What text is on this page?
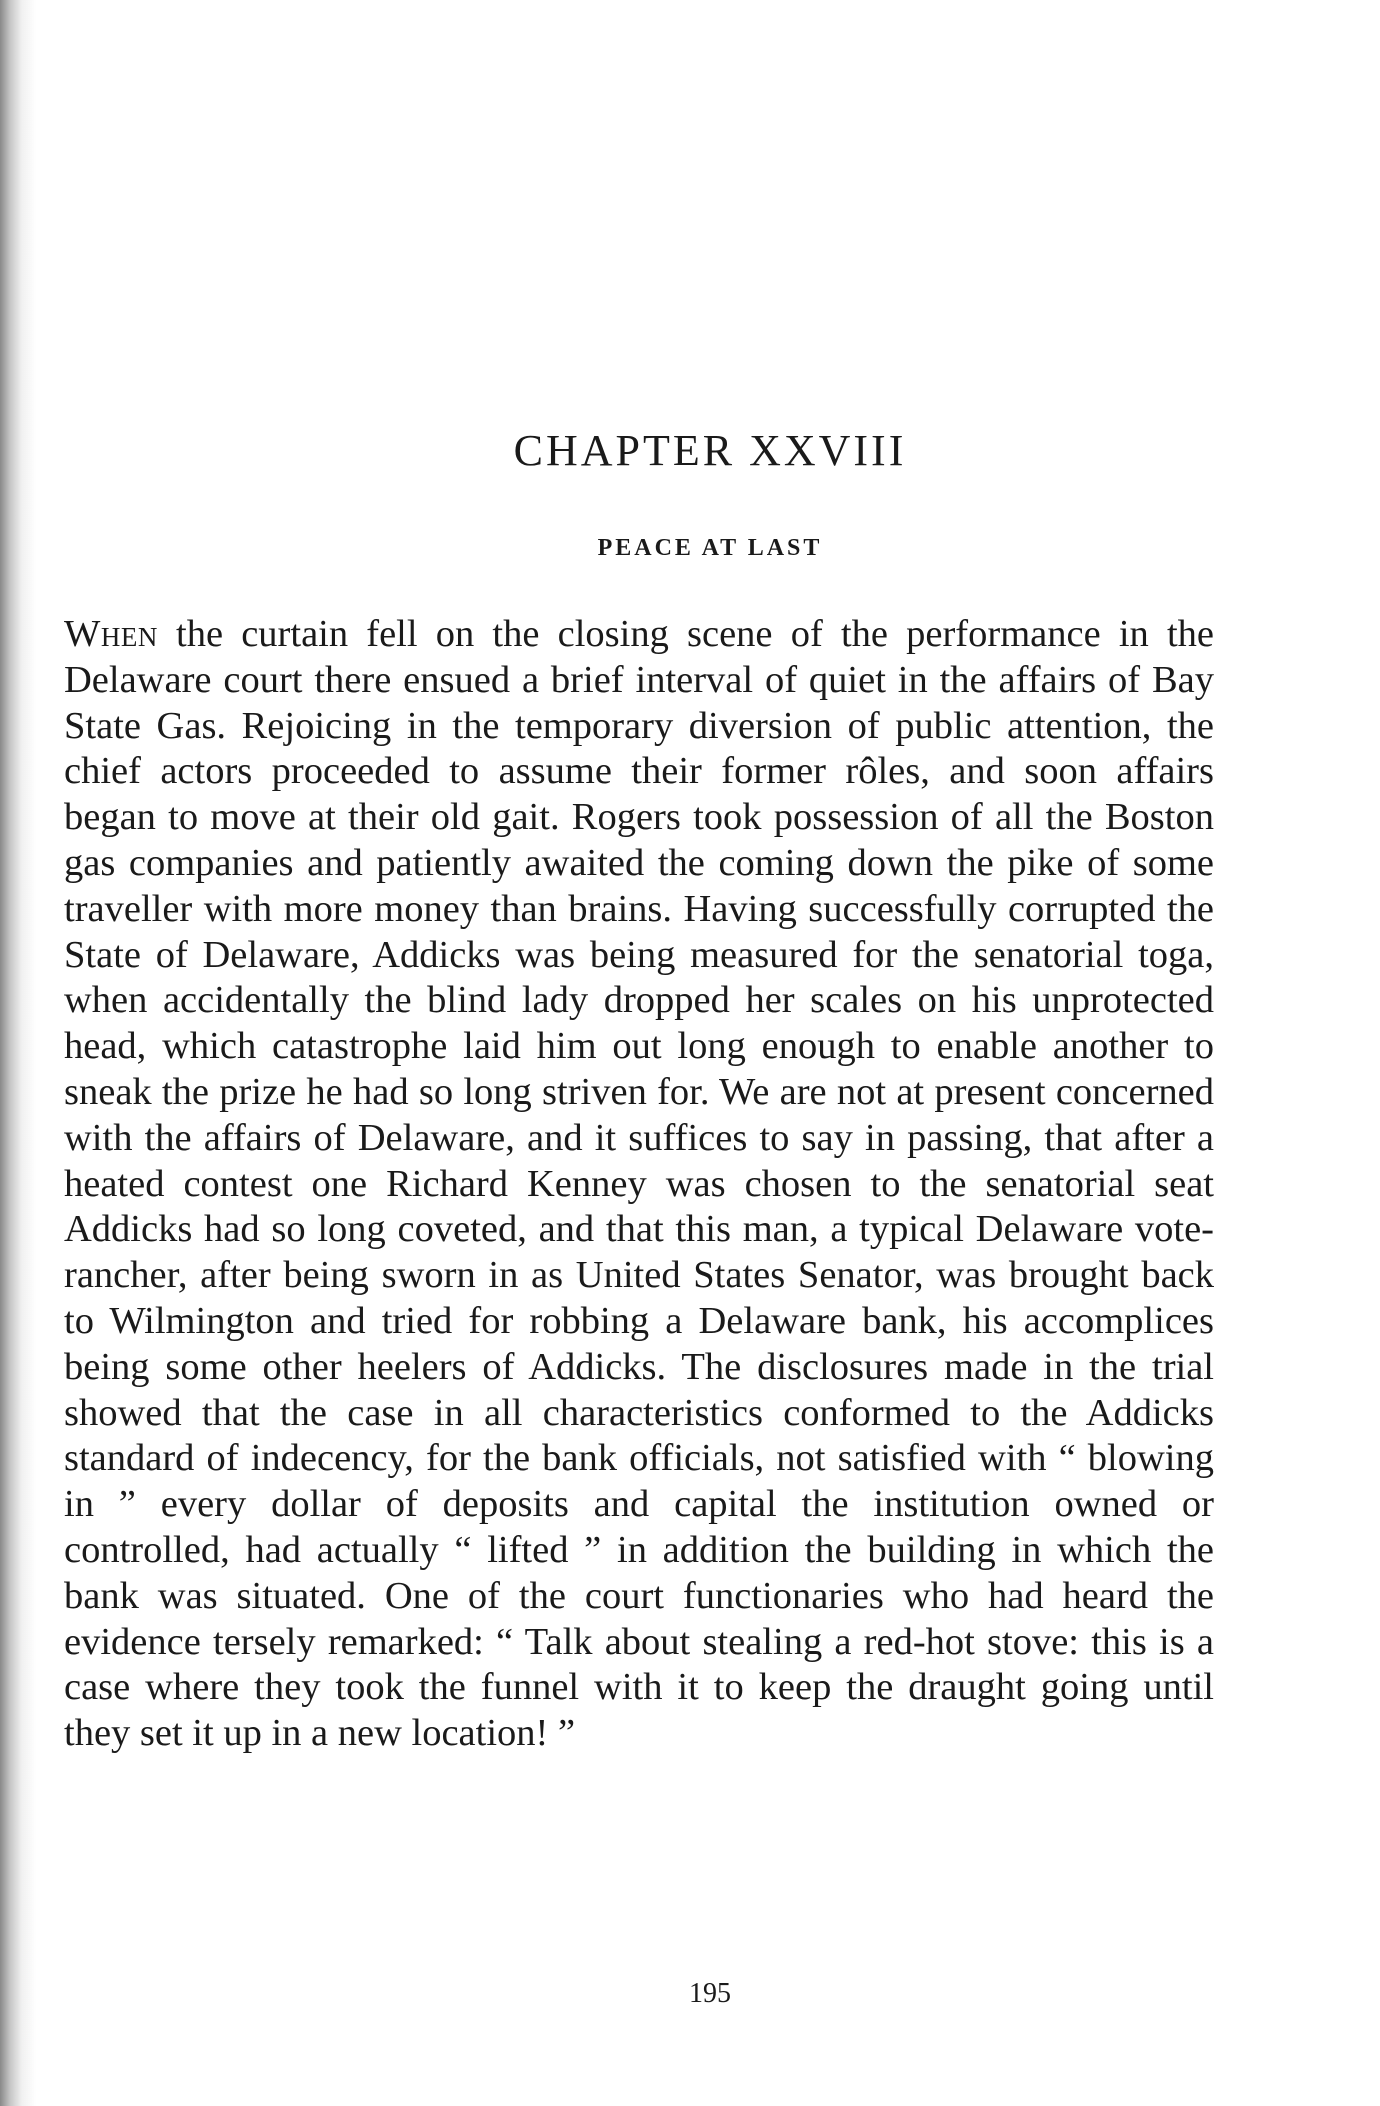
CHAPTER XXVIII
PEACE AT LAST

When the curtain fell on the closing scene of the performance in the Delaware court there ensued a brief interval of quiet in the affairs of Bay State Gas. Rejoicing in the temporary diversion of public attention, the chief actors proceeded to assume their former rôles, and soon affairs began to move at their old gait. Rogers took possession of all the Boston gas companies and patiently awaited the coming down the pike of some traveller with more money than brains. Having successfully corrupted the State of Delaware, Addicks was being measured for the senatorial toga, when accidentally the blind lady dropped her scales on his unprotected head, which catastrophe laid him out long enough to enable another to sneak the prize he had so long striven for. We are not at present concerned with the affairs of Delaware, and it suffices to say in passing, that after a heated contest one Richard Kenney was chosen to the senatorial seat Addicks had so long coveted, and that this man, a typical Delaware vote-rancher, after being sworn in as United States Senator, was brought back to Wilmington and tried for robbing a Delaware bank, his accomplices being some other heelers of Addicks. The disclosures made in the trial showed that the case in all characteristics conformed to the Addicks standard of indecency, for the bank officials, not satisfied with “ blowing in ” every dollar of deposits and capital the institution owned or controlled, had actually “ lifted ” in addition the building in which the bank was situated. One of the court functionaries who had heard the evidence tersely remarked: “ Talk about stealing a red-hot stove: this is a case where they took the funnel with it to keep the draught going until they set it up in a new location! ”

195
